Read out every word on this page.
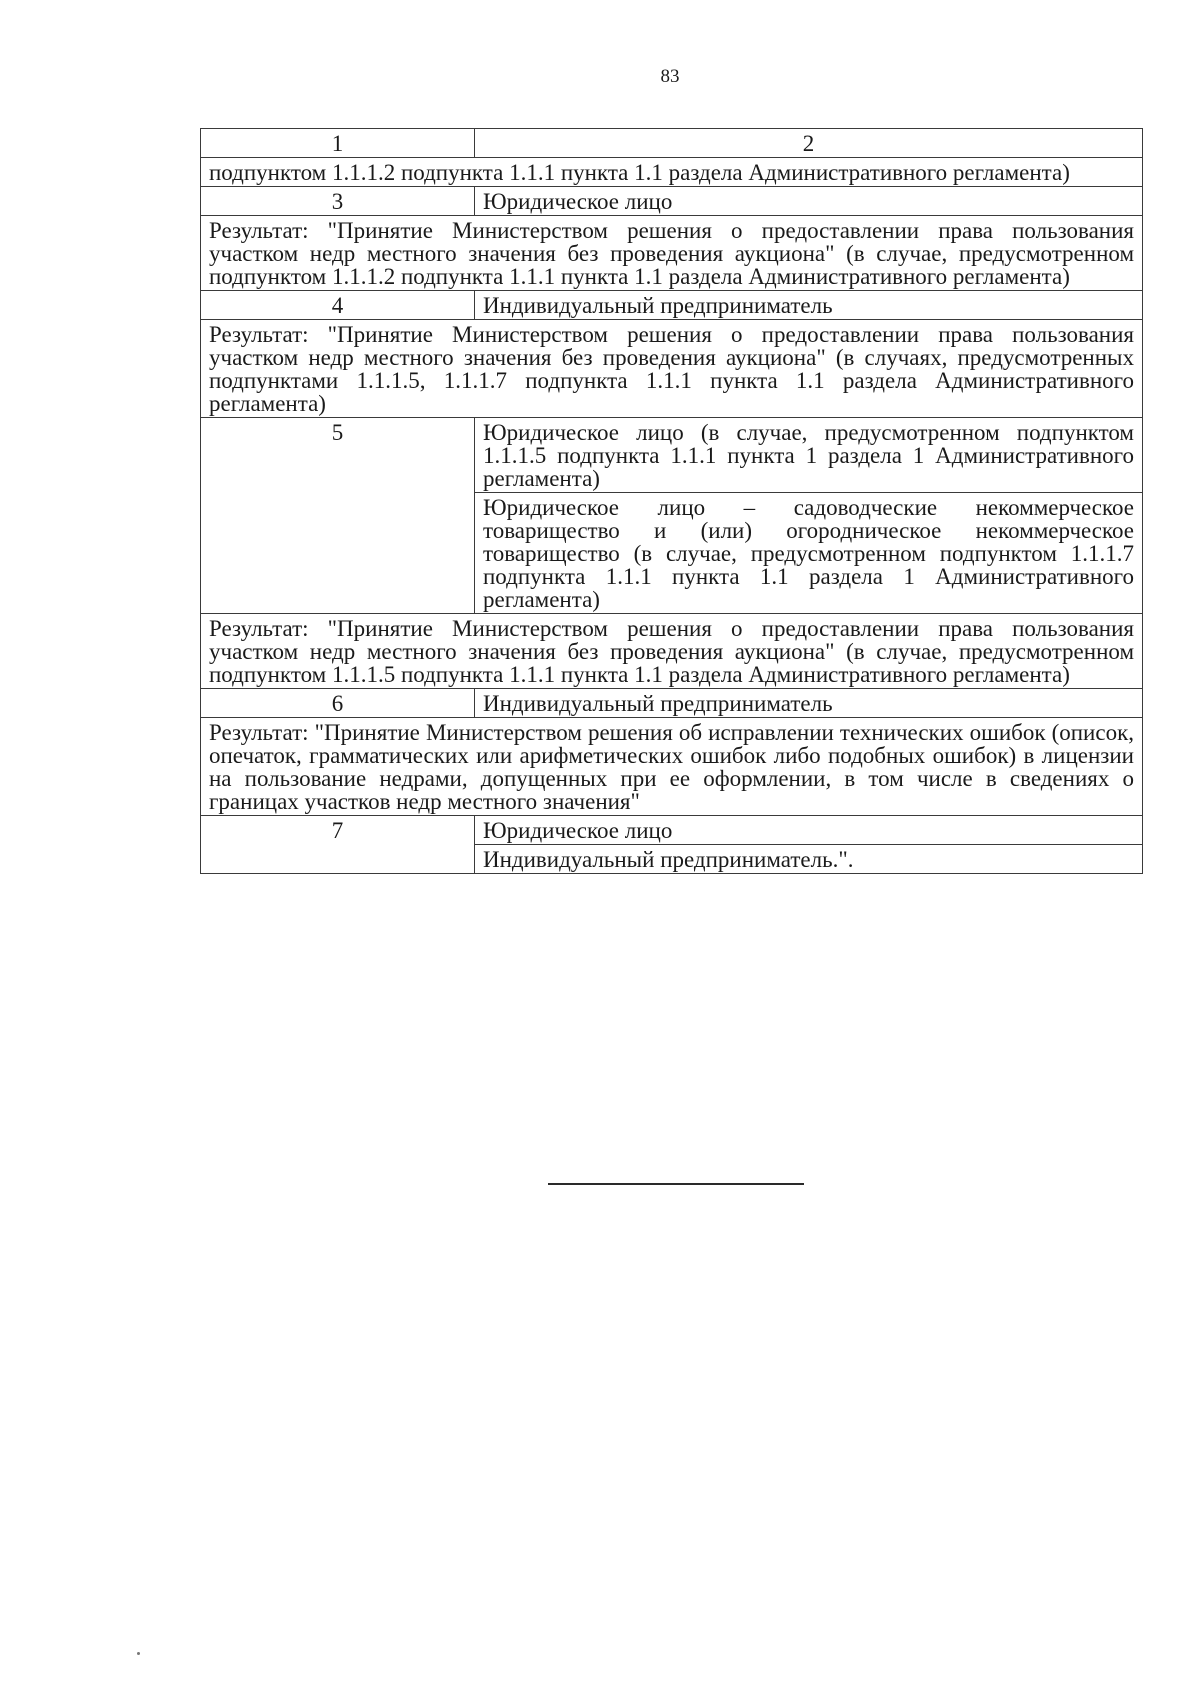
83
1	2
подпунктом 1.1.1.2 подпункта 1.1.1 пункта 1.1 раздела Административного регламента)	
3	Юридическое лицо
Результат: "Принятие Министерством решения о предоставлении права пользования участком недр местного значения без проведения аукциона" (в случае, предусмотренном подпунктом 1.1.1.2 подпункта 1.1.1 пункта 1.1 раздела Административного регламента)	
4	Индивидуальный предприниматель
Результат: "Принятие Министерством решения о предоставлении права пользования участком недр местного значения без проведения аукциона" (в случаях, предусмотренных подпунктами 1.1.1.5, 1.1.1.7 подпункта 1.1.1 пункта 1.1 раздела Административного регламента)	
5	Юридическое лицо (в случае, предусмотренном подпунктом 1.1.1.5 подпункта 1.1.1 пункта 1 раздела 1 Административного регламента)
	Юридическое лицо – садоводческие некоммерческое товарищество и (или) огородническое некоммерческое товарищество (в случае, предусмотренном подпунктом 1.1.1.7 подпункта 1.1.1 пункта 1.1 раздела 1 Административного регламента)
Результат: "Принятие Министерством решения о предоставлении права пользования участком недр местного значения без проведения аукциона" (в случае, предусмотренном подпунктом 1.1.1.5 подпункта 1.1.1 пункта 1.1 раздела Административного регламента)	
6	Индивидуальный предприниматель
Результат: "Принятие Министерством решения об исправлении технических ошибок (описок, опечаток, грамматических или арифметических ошибок либо подобных ошибок) в лицензии на пользование недрами, допущенных при ее оформлении, в том числе в сведениях о границах участков недр местного значения"	
7	Юридическое лицо
	Индивидуальный предприниматель.".
